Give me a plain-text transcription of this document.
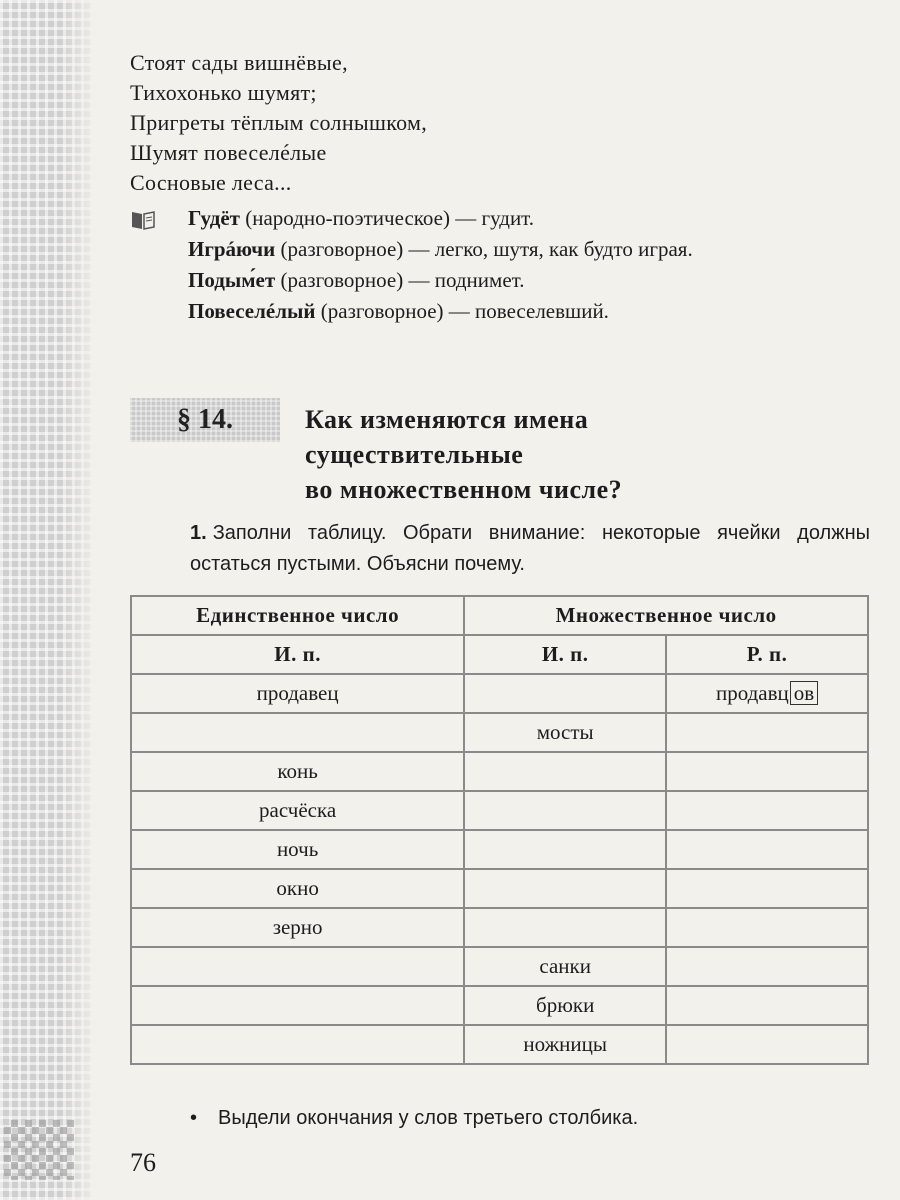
Стоят сады вишнёвые,
Тихохонько шумят;
Пригреты тёплым солнышком,
Шумят повеселéлые
Сосновые леса...

Гудёт (народно-поэтическое) — гудит.

Игрáючи (разговорное) — легко, шутя, как будто играя.

Подым́ет (разговорное) — поднимет.

Повеселéлый (разговорное) — повеселевший.

§ 14.	Как изменяются имена
существительные
во множественном числе?
1. Заполни таблицу. Обрати внимание: некоторые ячейки должны остаться пустыми. Объясни почему.
Единственное число	Множественное число	
И. п.	И. п.	Р. п.
продавец		продавц ов
	мосты	
конь		
расчёска		
ночь		
окно		
зерно		
	санки	
	брюки	
	ножницы	
• Выдели окончания у слов третьего столбика.
76
